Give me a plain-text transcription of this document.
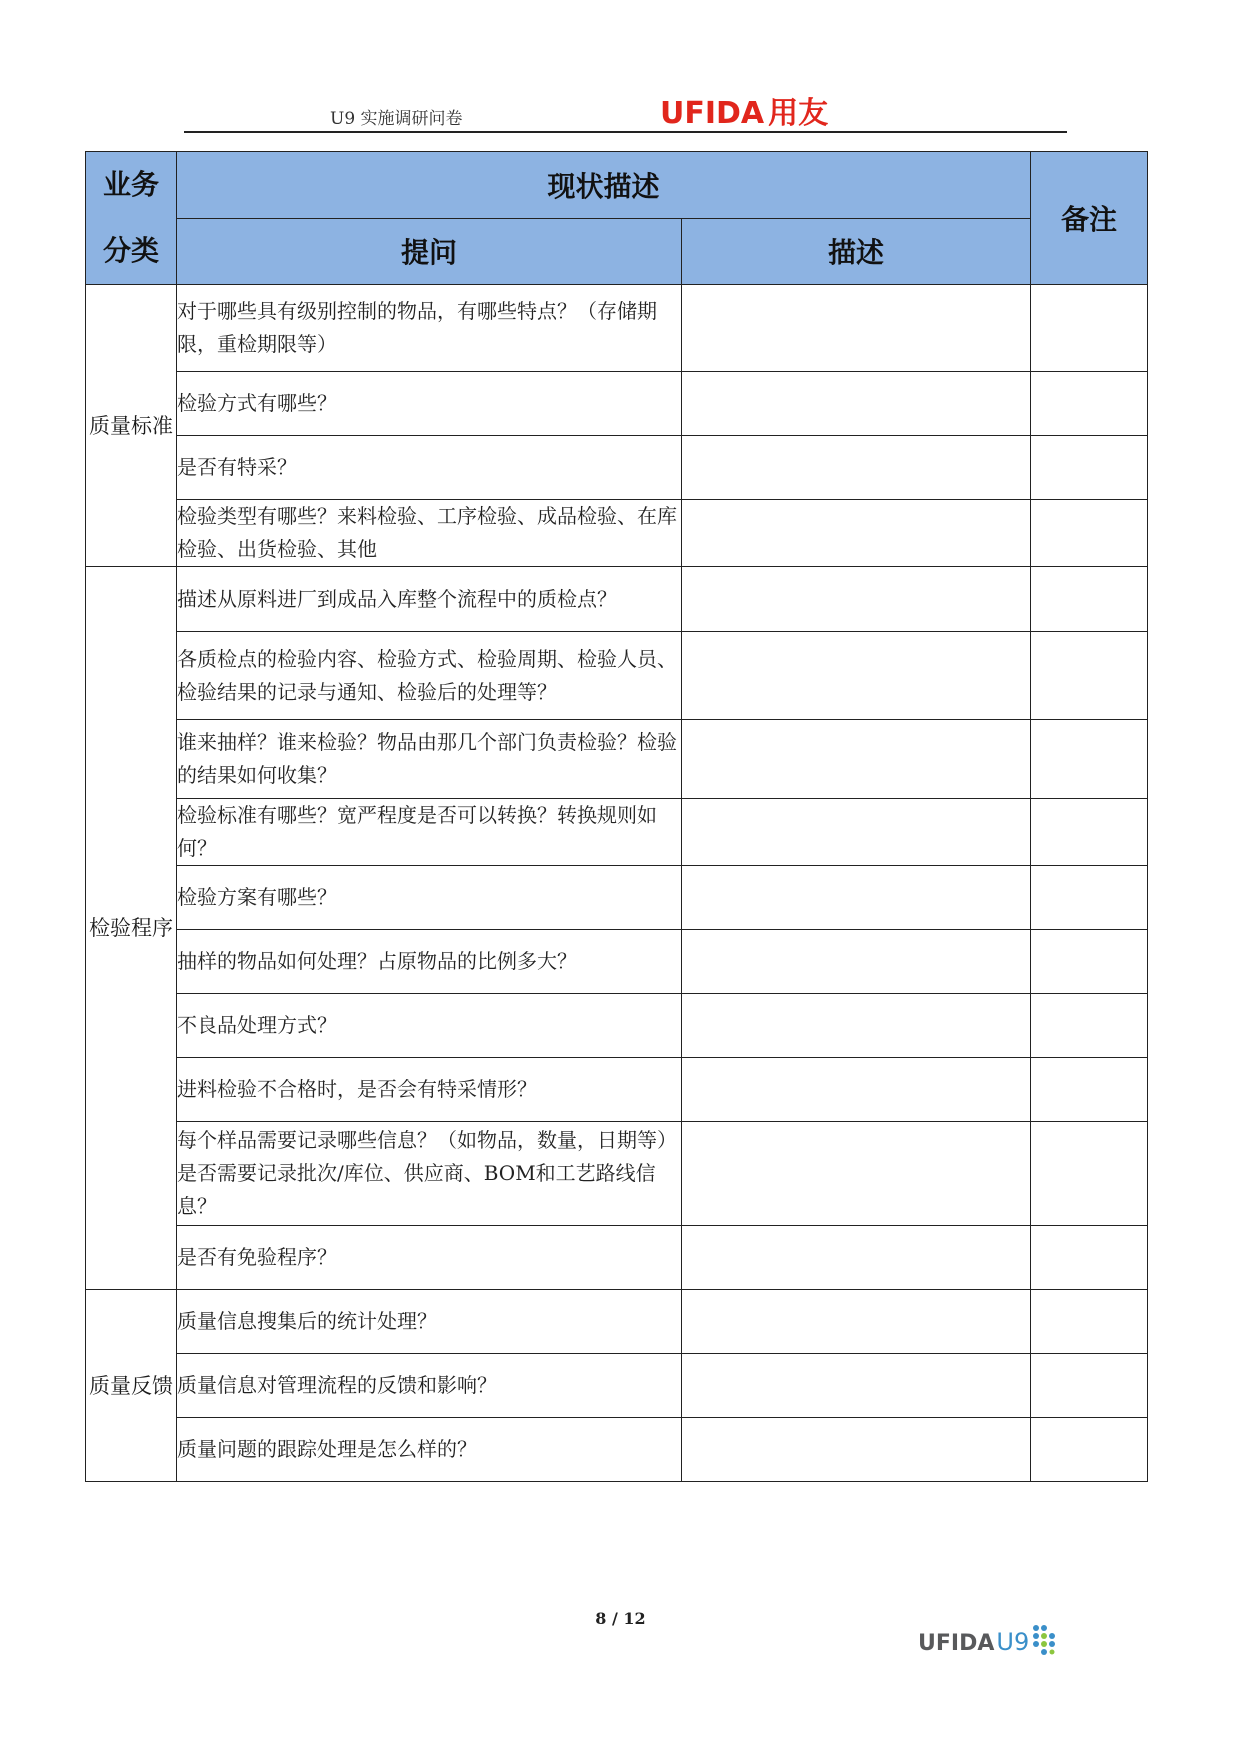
U9 实施调研问卷	UFIDA 用友
业务
分类	现状描述		备注
	提问	描述	
质量标准	对于哪些具有级别控制的物品，有哪些特点？（存储期限，重检期限等）		
	检验方式有哪些？		
	是否有特采？		
	检验类型有哪些？来料检验、工序检验、成品检验、在库检验、出货检验、其他		
检验程序	描述从原料进厂到成品入库整个流程中的质检点？		
	各质检点的检验内容、检验方式、检验周期、检验人员、检验结果的记录与通知、检验后的处理等？		
	谁来抽样？谁来检验？物品由那几个部门负责检验？检验的结果如何收集？		
	检验标准有哪些？宽严程度是否可以转换？转换规则如何？		
	检验方案有哪些？		
	抽样的物品如何处理？占原物品的比例多大？		
	不良品处理方式？		
	进料检验不合格时，是否会有特采情形？		
	每个样品需要记录哪些信息？（如物品，数量，日期等）是否需要记录批次/库位、供应商、BOM和工艺路线信息？		
	是否有免验程序？		
质量反馈	质量信息搜集后的统计处理？		
	质量信息对管理流程的反馈和影响？		
	质量问题的跟踪处理是怎么样的？		
8 / 12
UFIDAU9
